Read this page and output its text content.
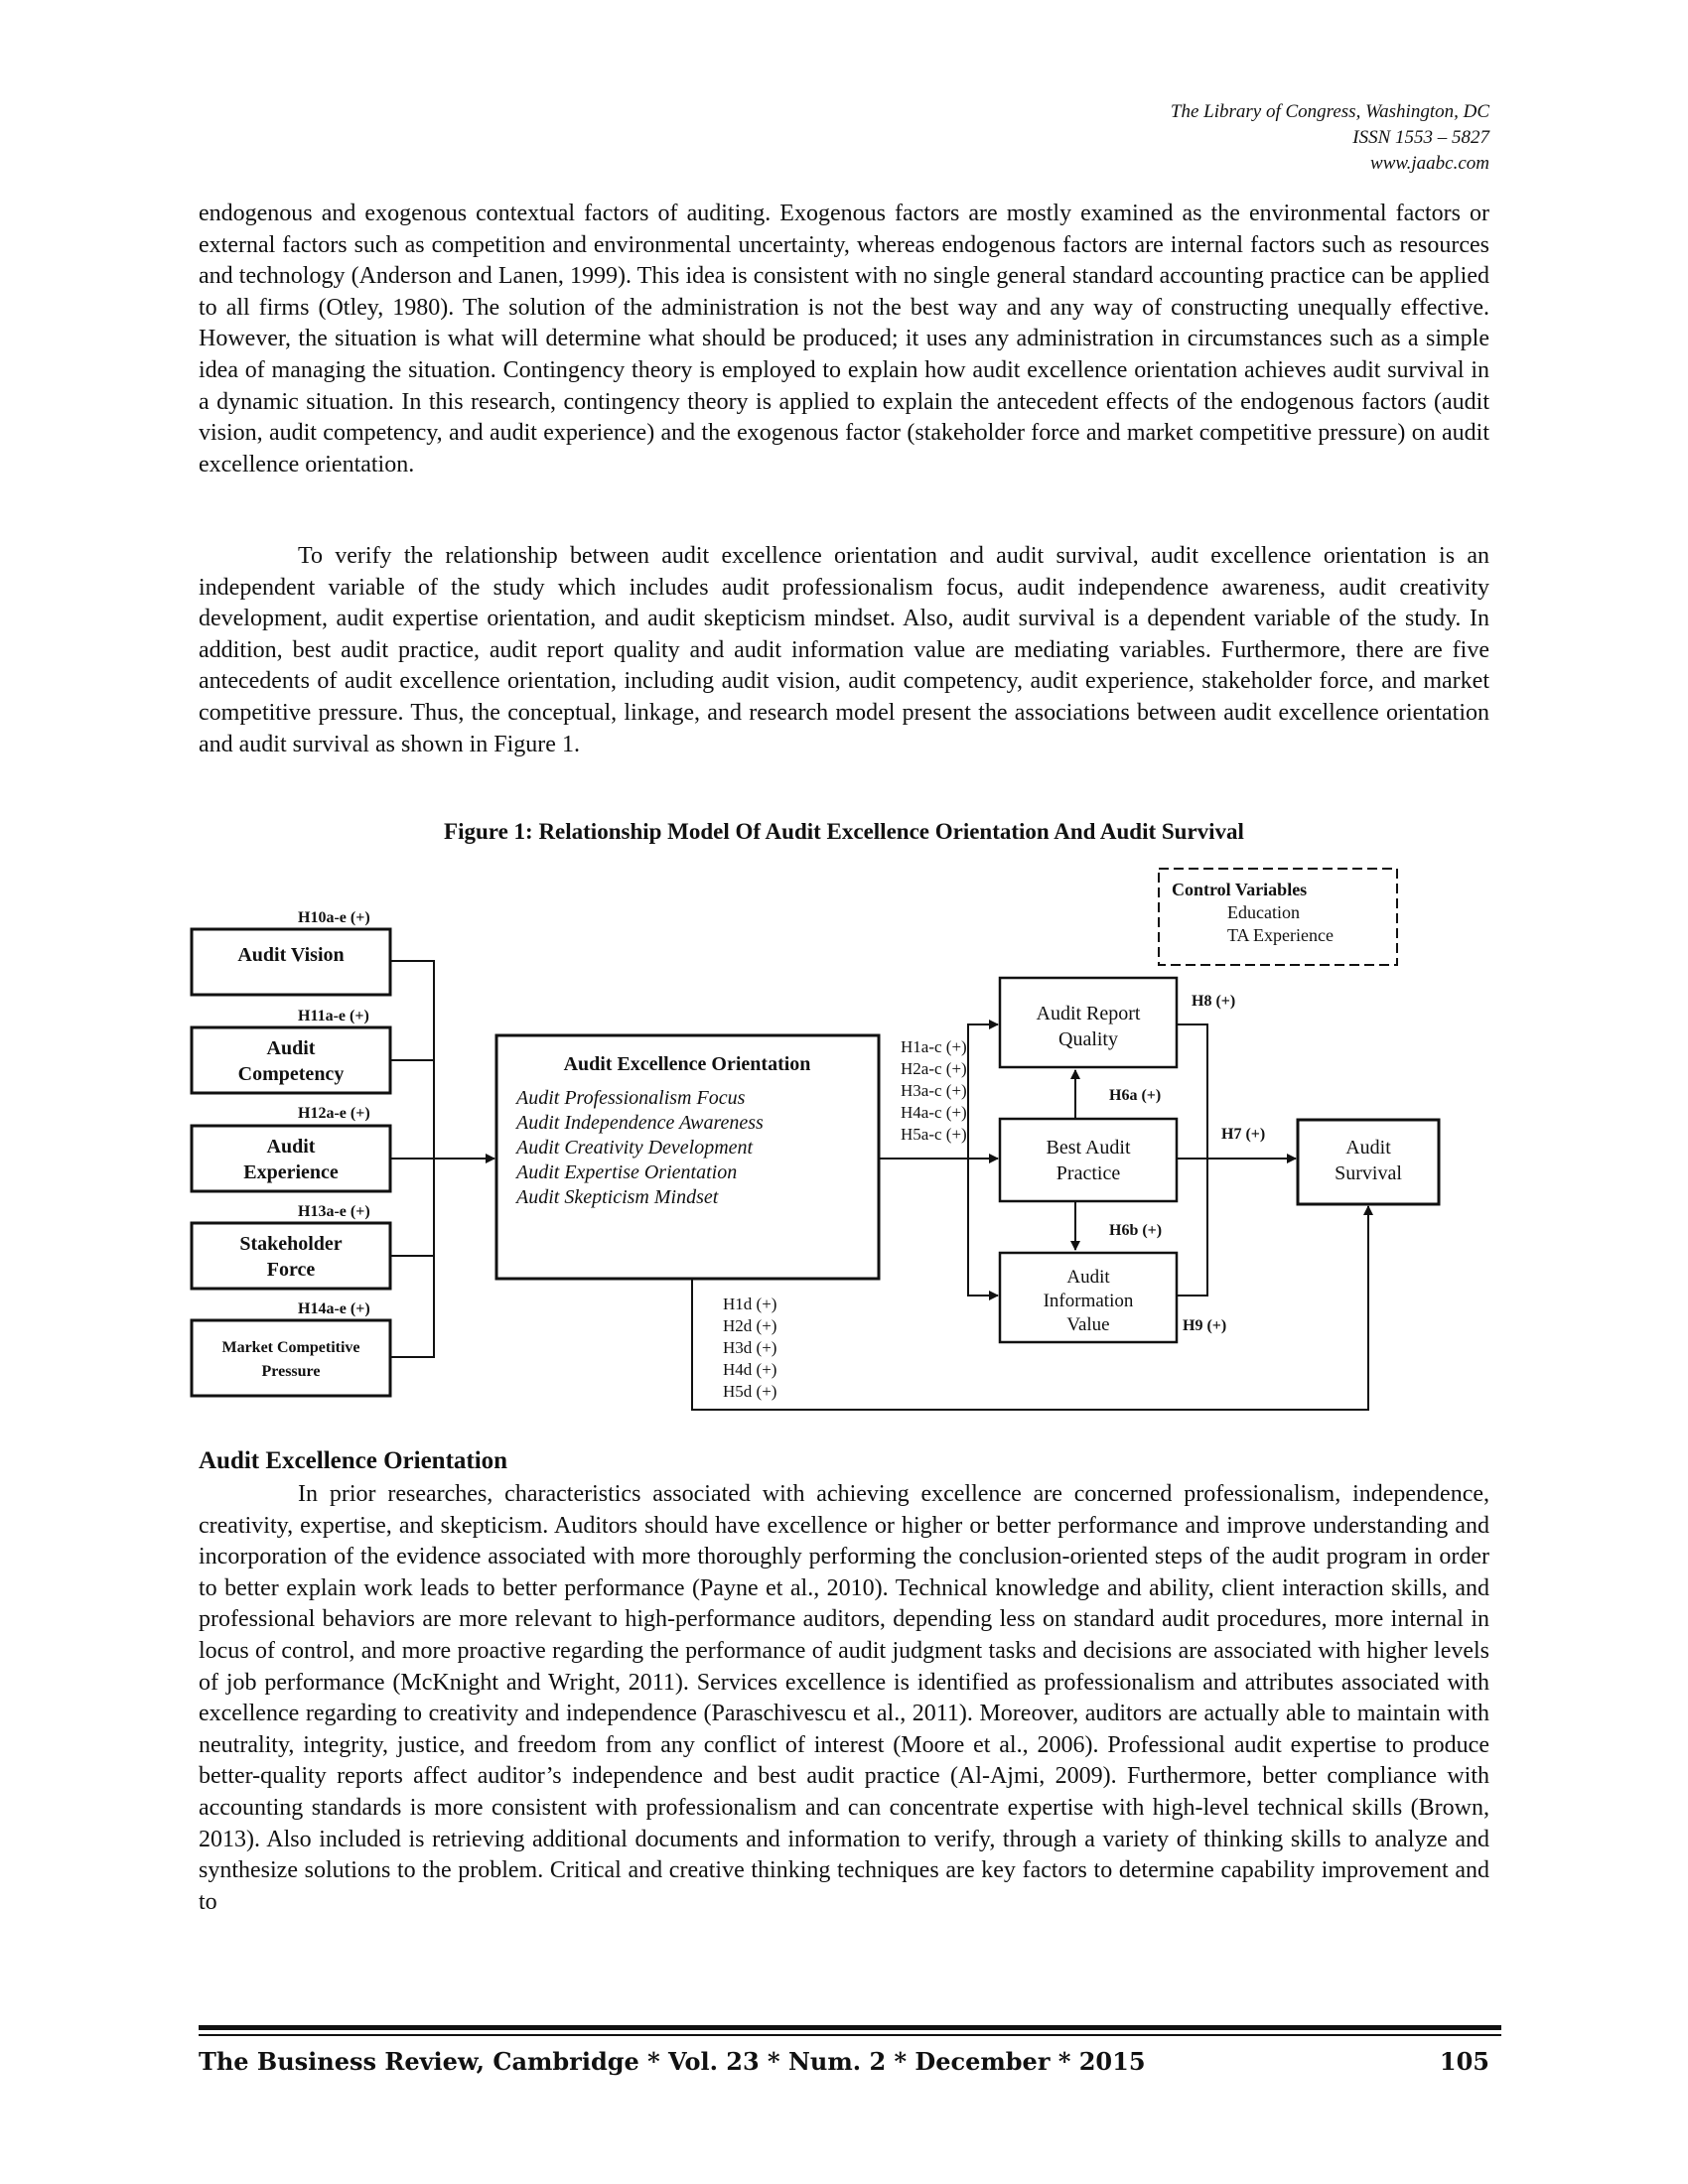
The Library of Congress, Washington, DC
ISSN 1553 – 5827
www.jaabc.com

endogenous and exogenous contextual factors of auditing. Exogenous factors are mostly examined as the environmental factors or external factors such as competition and environmental uncertainty, whereas endogenous factors are internal factors such as resources and technology (Anderson and Lanen, 1999). This idea is consistent with no single general standard accounting practice can be applied to all firms (Otley, 1980). The solution of the administration is not the best way and any way of constructing unequally effective. However, the situation is what will determine what should be produced; it uses any administration in circumstances such as a simple idea of managing the situation. Contingency theory is employed to explain how audit excellence orientation achieves audit survival in a dynamic situation. In this research, contingency theory is applied to explain the antecedent effects of the endogenous factors (audit vision, audit competency, and audit experience) and the exogenous factor (stakeholder force and market competitive pressure) on audit excellence orientation.

To verify the relationship between audit excellence orientation and audit survival, audit excellence orientation is an independent variable of the study which includes audit professionalism focus, audit independence awareness, audit creativity development, audit expertise orientation, and audit skepticism mindset. Also, audit survival is a dependent variable of the study. In addition, best audit practice, audit report quality and audit information value are mediating variables. Furthermore, there are five antecedents of audit excellence orientation, including audit vision, audit competency, audit experience, stakeholder force, and market competitive pressure. Thus, the conceptual, linkage, and research model present the associations between audit excellence orientation and audit survival as shown in Figure 1.

Figure 1: Relationship Model Of Audit Excellence Orientation And Audit Survival
Control Variables
Education
TA Experience
H10a-e (+)
H11a-e (+)
H12a-e (+)
H13a-e (+)
H14a-e (+)
Audit Vision
Audit
Competency
Audit
Experience
Stakeholder
Force
Market Competitive
Pressure
Audit Excellence Orientation
Audit Professionalism Focus
Audit Independence Awareness
Audit Creativity Development
Audit Expertise Orientation
Audit Skepticism Mindset
H1a-c (+)
H2a-c (+)
H3a-c (+)
H4a-c (+)
H5a-c (+)
H1d (+)
H2d (+)
H3d (+)
H4d (+)
H5d (+)
Audit Report
Quality
Best Audit
Practice
Audit
Information
Value
H6a (+)
H6b (+)
H7 (+)
H8 (+)
H9 (+)
Audit
Survival
Audit Excellence Orientation

In prior researches, characteristics associated with achieving excellence are concerned professionalism, independence, creativity, expertise, and skepticism. Auditors should have excellence or higher or better performance and improve understanding and incorporation of the evidence associated with more thoroughly performing the conclusion-oriented steps of the audit program in order to better explain work leads to better performance (Payne et al., 2010). Technical knowledge and ability, client interaction skills, and professional behaviors are more relevant to high-performance auditors, depending less on standard audit procedures, more internal in locus of control, and more proactive regarding the performance of audit judgment tasks and decisions are associated with higher levels of job performance (McKnight and Wright, 2011). Services excellence is identified as professionalism and attributes associated with excellence regarding to creativity and independence (Paraschivescu et al., 2011). Moreover, auditors are actually able to maintain with neutrality, integrity, justice, and freedom from any conflict of interest (Moore et al., 2006). Professional audit expertise to produce better-quality reports affect auditor’s independence and best audit practice (Al-Ajmi, 2009). Furthermore, better compliance with accounting standards is more consistent with professionalism and can concentrate expertise with high-level technical skills (Brown, 2013). Also included is retrieving additional documents and information to verify, through a variety of thinking skills to analyze and synthesize solutions to the problem. Critical and creative thinking techniques are key factors to determine capability improvement and to

The Business Review, Cambridge * Vol. 23 * Num. 2 * December * 2015	105
